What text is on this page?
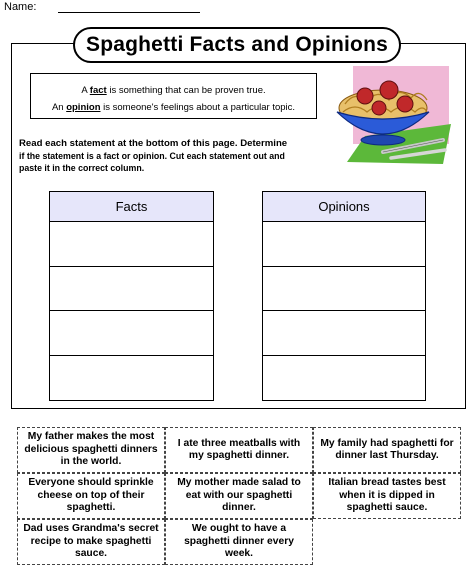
Name:
Spaghetti Facts and Opinions
A fact is something that can be proven true.
An opinion is someone's feelings about a particular topic.
Read each statement at the bottom of this page. Determine
if the statement is a fact or opinion. Cut each statement out and
paste it in the correct column.
Facts	Opinions
My father makes the most delicious spaghetti dinners in the world.
I ate three meatballs with my spaghetti dinner.
My family had spaghetti for dinner last Thursday.
Everyone should sprinkle cheese on top of their spaghetti.
My mother made salad to eat with our spaghetti dinner.
Italian bread tastes best when it is dipped in spaghetti sauce.
Dad uses Grandma's secret recipe to make spaghetti sauce.
We ought to have a spaghetti dinner every week.
